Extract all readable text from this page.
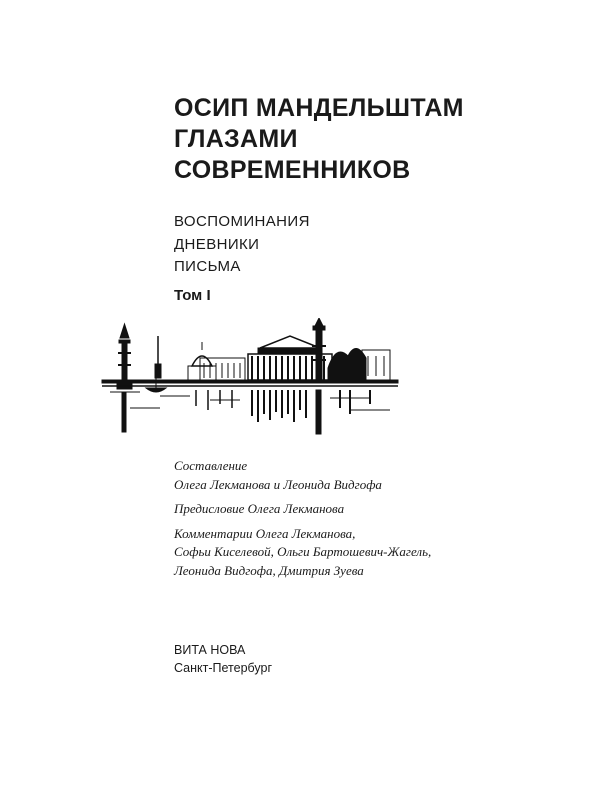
ОСИП МАНДЕЛЬШТАМ
ГЛАЗАМИ
СОВРЕМЕННИКОВ
ВОСПОМИНАНИЯ
ДНЕВНИКИ
ПИСЬМА
Том I
Составление
Олега Лекманова и Леонида Видгофа
Предисловие Олега Лекманова
Комментарии Олега Лекманова,
Софьи Киселевой, Ольги Бартошевич-Жагель,
Леонида Видгофа, Дмитрия Зуева
ВИТА НОВА
Санкт-Петербург
